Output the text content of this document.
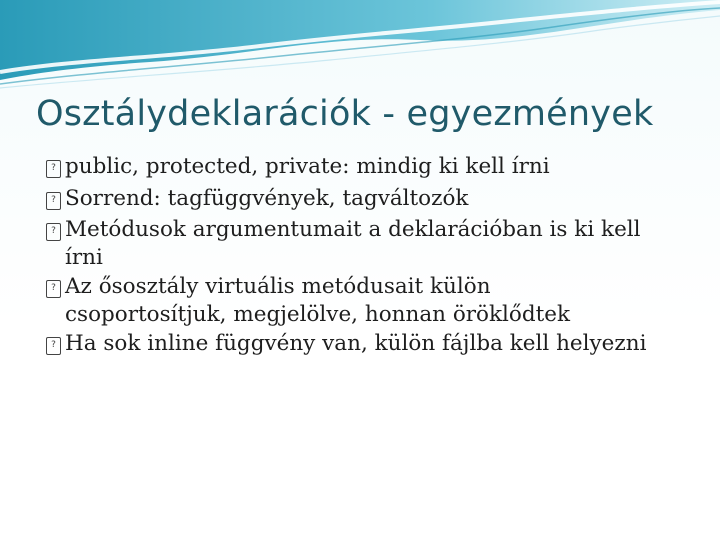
Osztálydeklarációk - egyezmények
? public, protected, private: mindig ki kell írni
? Sorrend: tagfüggvények, tagváltozók
? Metódusok argumentumait a deklarációban is ki kell
írni
? Az ősosztály virtuális metódusait külön
csoportosítjuk, megjelölve, honnan öröklődtek
? Ha sok inline függvény van, külön fájlba kell helyezni
